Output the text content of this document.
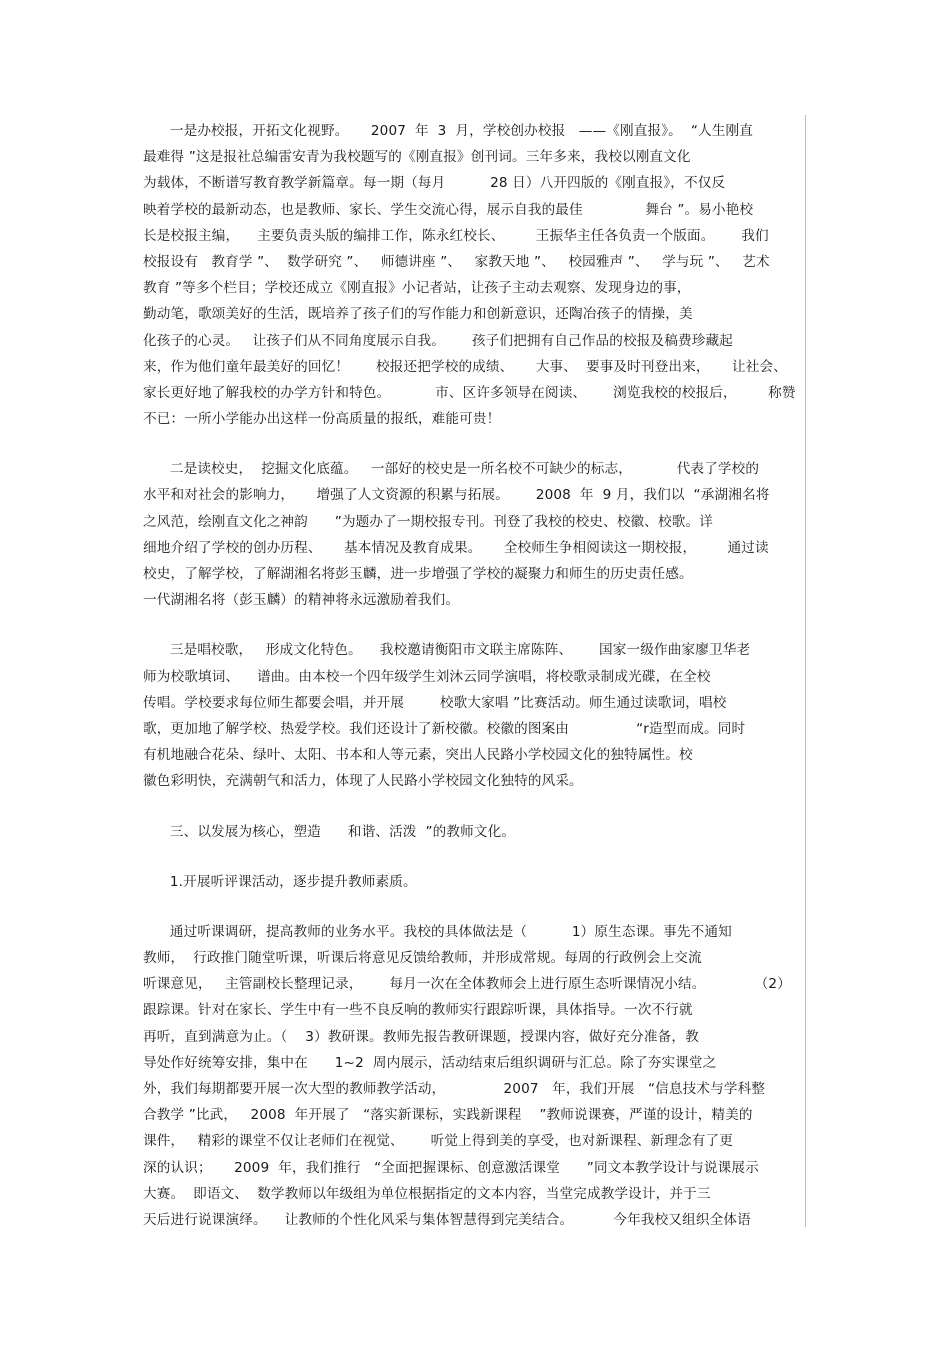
一是办校报，开拓文化视野。     2007  年  3  月，学校创办校报   ——《刚直报》。  “人生刚直
最难得 ”这是报社总编雷安青为我校题写的《刚直报》创刊词。三年多来，我校以刚直文化
为载体，不断谱写教育教学新篇章。每一期（每月          28 日）八开四版的《刚直报》，不仅反
映着学校的最新动态，也是教师、家长、学生交流心得，展示自我的最佳              舞台 ”。易小艳校
长是校报主编，    主要负责头版的编排工作，陈永红校长、       王振华主任各负责一个版面。      我们
校报设有   教育学 ”、  数学研究 ”、   师德讲座 ”、   家教天地 ”、   校园雅声 ”、   学与玩 ”、   艺术
教育 ”等多个栏目；学校还成立《刚直报》小记者站，让孩子主动去观察、发现身边的事，
勤动笔，歌颂美好的生活，既培养了孩子们的写作能力和创新意识，还陶冶孩子的情操，美
化孩子的心灵。   让孩子们从不同角度展示自我。      孩子们把拥有自己作品的校报及稿费珍藏起
来，作为他们童年最美好的回忆！      校报还把学校的成绩、     大事、  要事及时刊登出来，     让社会、
家长更好地了解我校的办学方针和特色。          市、区许多领导在阅读、      浏览我校的校报后，       称赞
不已：一所小学能办出这样一份高质量的报纸，难能可贵！
二是读校史，  挖掘文化底蕴。   一部好的校史是一所名校不可缺少的标志，          代表了学校的
水平和对社会的影响力，     增强了人文资源的积累与拓展。      2008  年  9 月，我们以  “承湖湘名将
之风范，绘刚直文化之神韵      ”为题办了一期校报专刊。刊登了我校的校史、校徽、校歌。详
细地介绍了学校的创办历程、     基本情况及教育成果。     全校师生争相阅读这一期校报，       通过读
校史，了解学校，了解湖湘名将彭玉麟，进一步增强了学校的凝聚力和师生的历史责任感。
一代湖湘名将（彭玉麟）的精神将永远激励着我们。
三是唱校歌，   形成文化特色。    我校邀请衡阳市文联主席陈阵、      国家一级作曲家廖卫华老
师为校歌填词、    谱曲。由本校一个四年级学生刘沐云同学演唱，将校歌录制成光碟，在全校
传唱。学校要求每位师生都要会唱，并开展        校歌大家唱 ”比赛活动。师生通过读歌词，唱校
歌，更加地了解学校、热爱学校。我们还设计了新校徽。校徽的图案由               “r造型而成。同时
有机地融合花朵、绿叶、太阳、书本和人等元素，突出人民路小学校园文化的独特属性。校
徽色彩明快，充满朝气和活力，体现了人民路小学校园文化独特的风采。
三、以发展为核心，塑造      和谐、活泼  ”的教师文化。
1.开展听评课活动，逐步提升教师素质。
通过听课调研，提高教师的业务水平。我校的具体做法是（          1）原生态课。事先不通知
教师，  行政推门随堂听课，听课后将意见反馈给教师，并形成常规。每周的行政例会上交流
听课意见，   主管副校长整理记录，      每月一次在全体教师会上进行原生态听课情况小结。           （2）
跟踪课。针对在家长、学生中有一些不良反响的教师实行跟踪听课，具体指导。一次不行就
再听，直到满意为止。（    3）教研课。教师先报告教研课题，授课内容，做好充分准备，教
导处作好统筹安排，集中在      1~2  周内展示，活动结束后组织调研与汇总。除了夯实课堂之
外，我们每期都要开展一次大型的教师教学活动，             2007   年，我们开展   “信息技术与学科整
合教学 ”比武，   2008  年开展了   “落实新课标，实践新课程    ”教师说课赛，严谨的设计，精美的
课件，   精彩的课堂不仅让老师们在视觉、      听觉上得到美的享受，也对新课程、新理念有了更
深的认识；     2009  年，我们推行   “全面把握课标、创意激活课堂      ”同文本教学设计与说课展示
大赛。  即语文、  数学教师以年级组为单位根据指定的文本内容，当堂完成教学设计，并于三
天后进行说课演绎。    让教师的个性化风采与集体智慧得到完美结合。         今年我校又组织全体语
